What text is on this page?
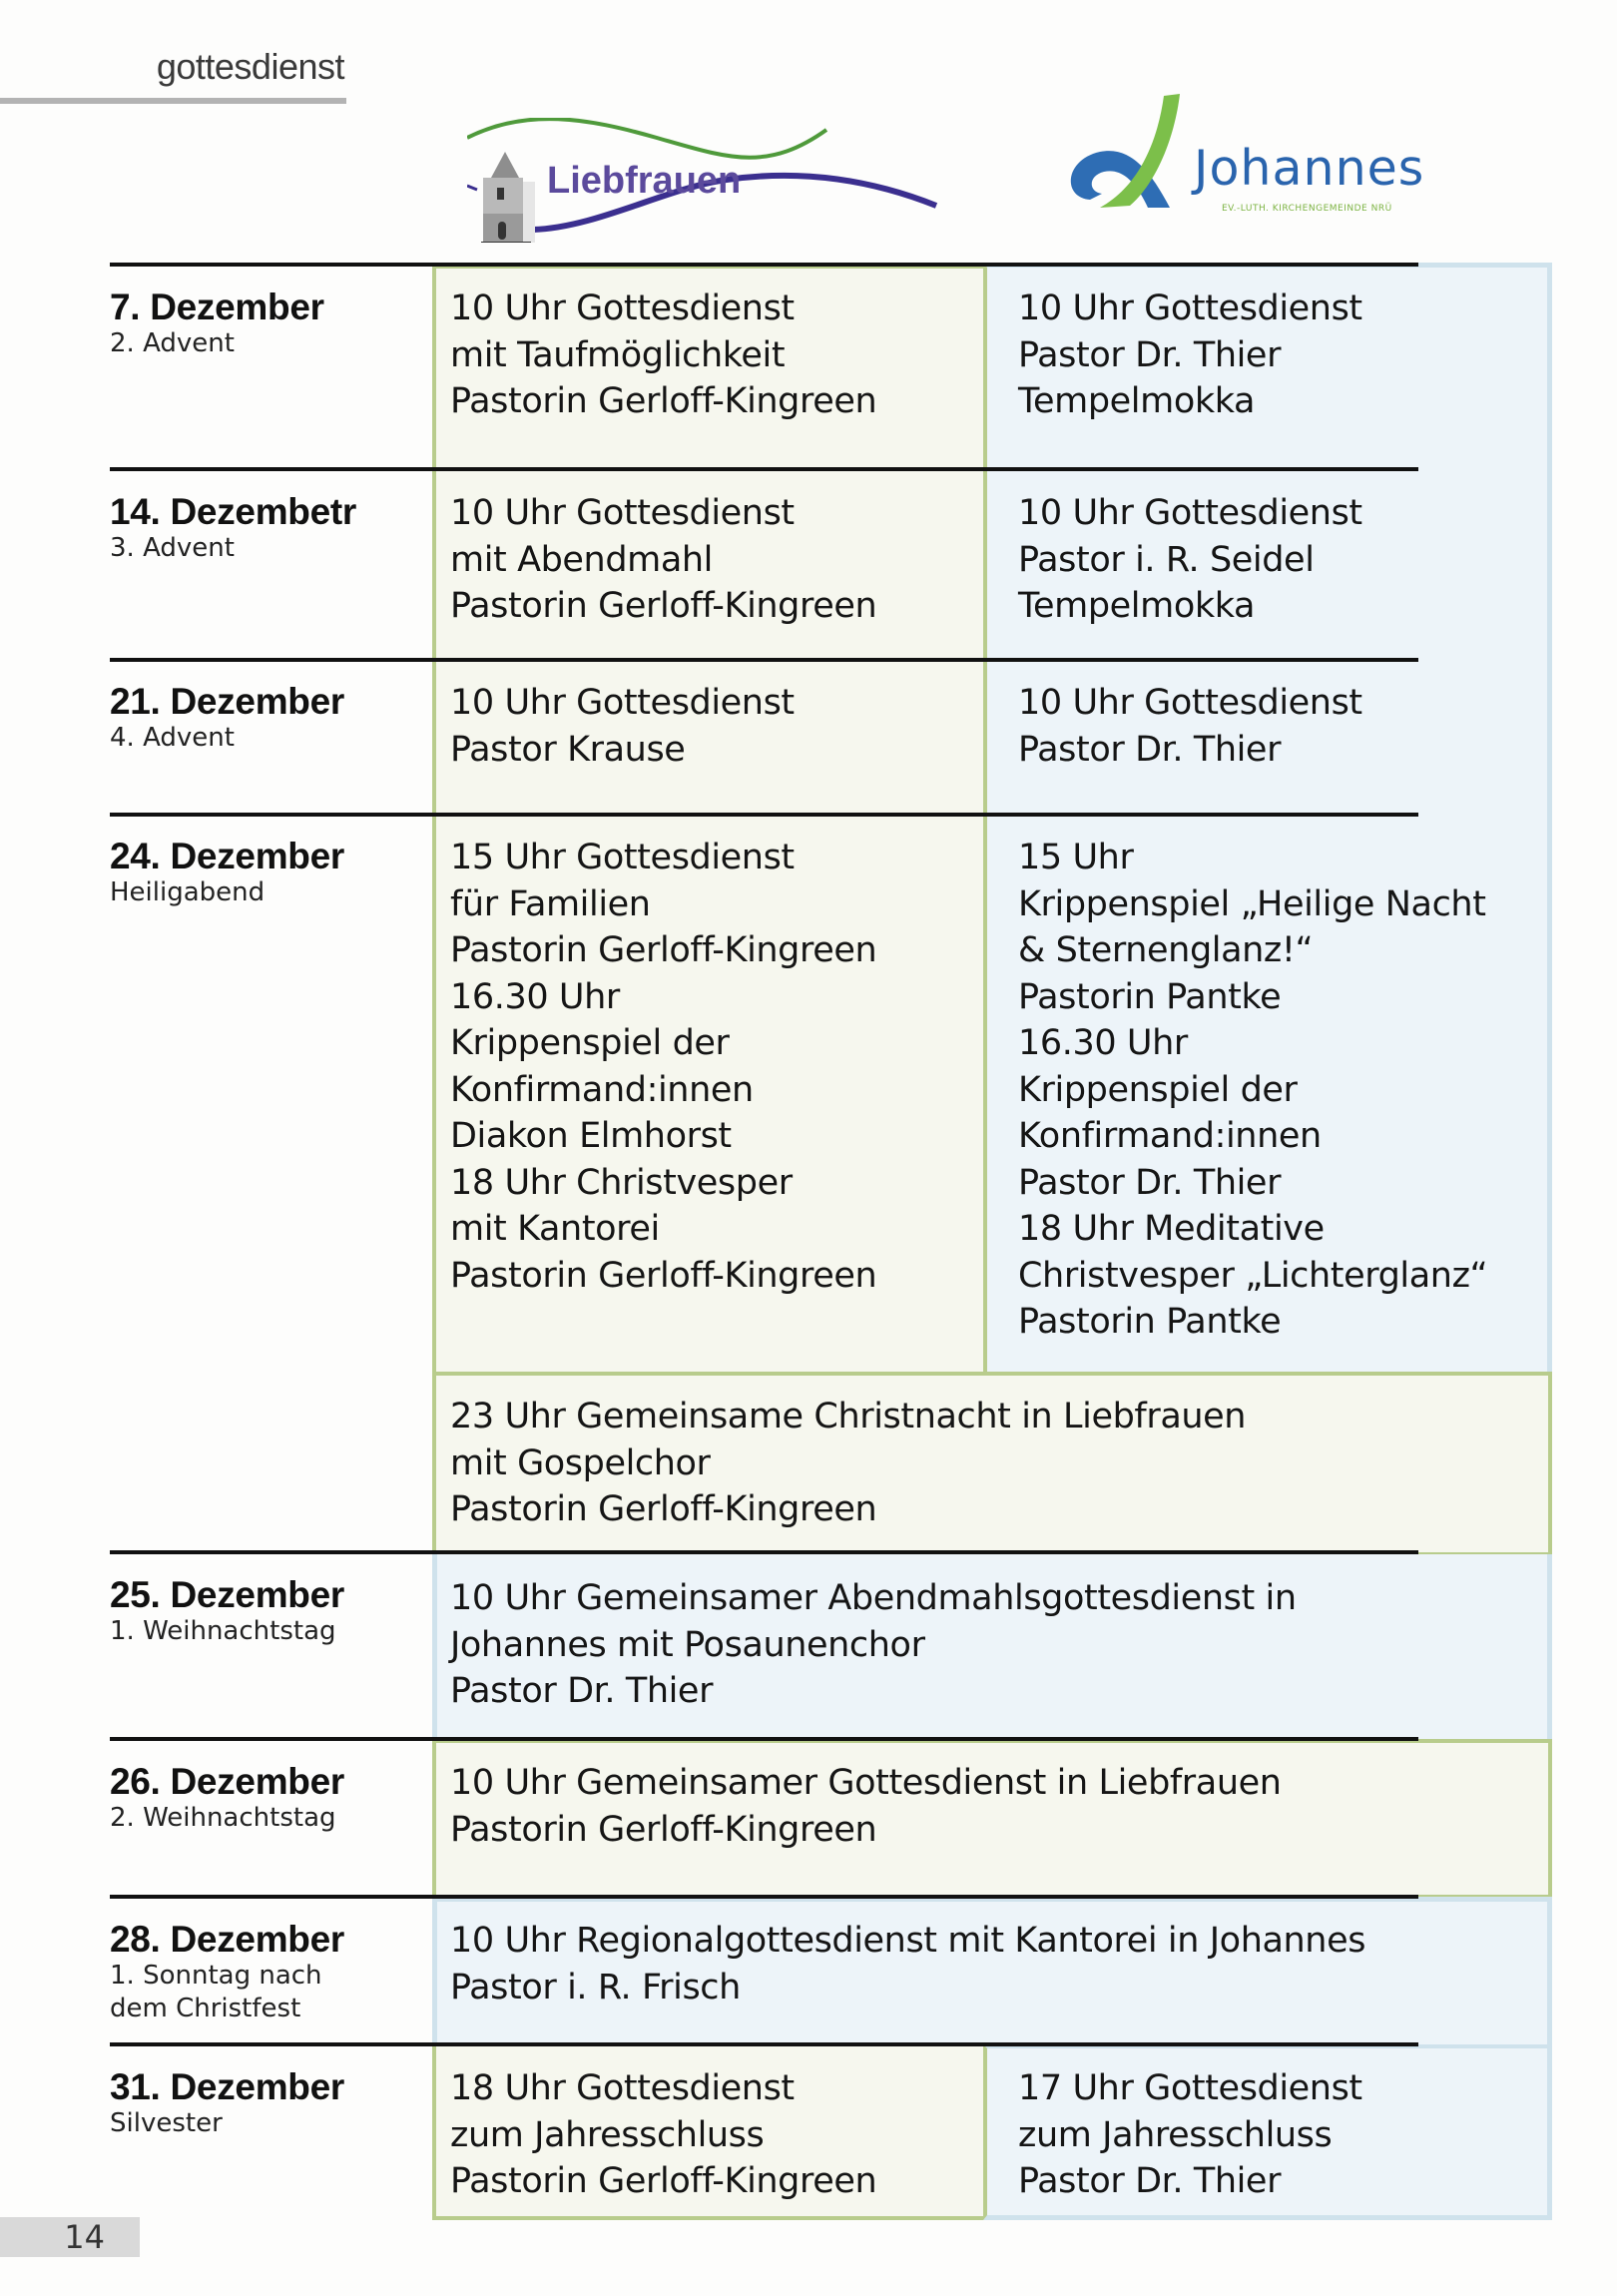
gottesdienst
Liebfrauen	Johannes
EV.-LUTH. KIRCHENGEMEINDE NRÜ
7. Dezember
2. Advent
14. Dezembetr
3. Advent
21. Dezember
4. Advent
24. Dezember
Heiligabend
25. Dezember
1. Weihnachtstag
26. Dezember
2. Weihnachtstag
28. Dezember
1. Sonntag nach
dem Christfest
31. Dezember
Silvester
10 Uhr Gottesdienst
mit Taufmöglichkeit
Pastorin Gerloff-Kingreen
10 Uhr Gottesdienst
Pastor Dr. Thier
Tempelmokka
10 Uhr Gottesdienst
mit Abendmahl
Pastorin Gerloff-Kingreen
10 Uhr Gottesdienst
Pastor i. R. Seidel
Tempelmokka
10 Uhr Gottesdienst
Pastor Krause
10 Uhr Gottesdienst
Pastor Dr. Thier
15 Uhr Gottesdienst
für Familien
Pastorin Gerloff-Kingreen
16.30 Uhr
Krippenspiel der
Konfirmand:innen
Diakon Elmhorst
18 Uhr Christvesper
mit Kantorei
Pastorin Gerloff-Kingreen
15 Uhr
Krippenspiel „Heilige Nacht
& Sternenglanz!“
Pastorin Pantke
16.30 Uhr
Krippenspiel der
Konfirmand:innen
Pastor Dr. Thier
18 Uhr Meditative
Christvesper „Lichterglanz“
Pastorin Pantke
23 Uhr Gemeinsame Christnacht in Liebfrauen
mit Gospelchor
Pastorin Gerloff-Kingreen
10 Uhr Gemeinsamer Abendmahlsgottesdienst in
Johannes mit Posaunenchor
Pastor Dr. Thier
10 Uhr Gemeinsamer Gottesdienst in Liebfrauen
Pastorin Gerloff-Kingreen
10 Uhr Regionalgottesdienst mit Kantorei in Johannes
Pastor i. R. Frisch
18 Uhr Gottesdienst
zum Jahresschluss
Pastorin Gerloff-Kingreen
17 Uhr Gottesdienst
zum Jahresschluss
Pastor Dr. Thier
14
